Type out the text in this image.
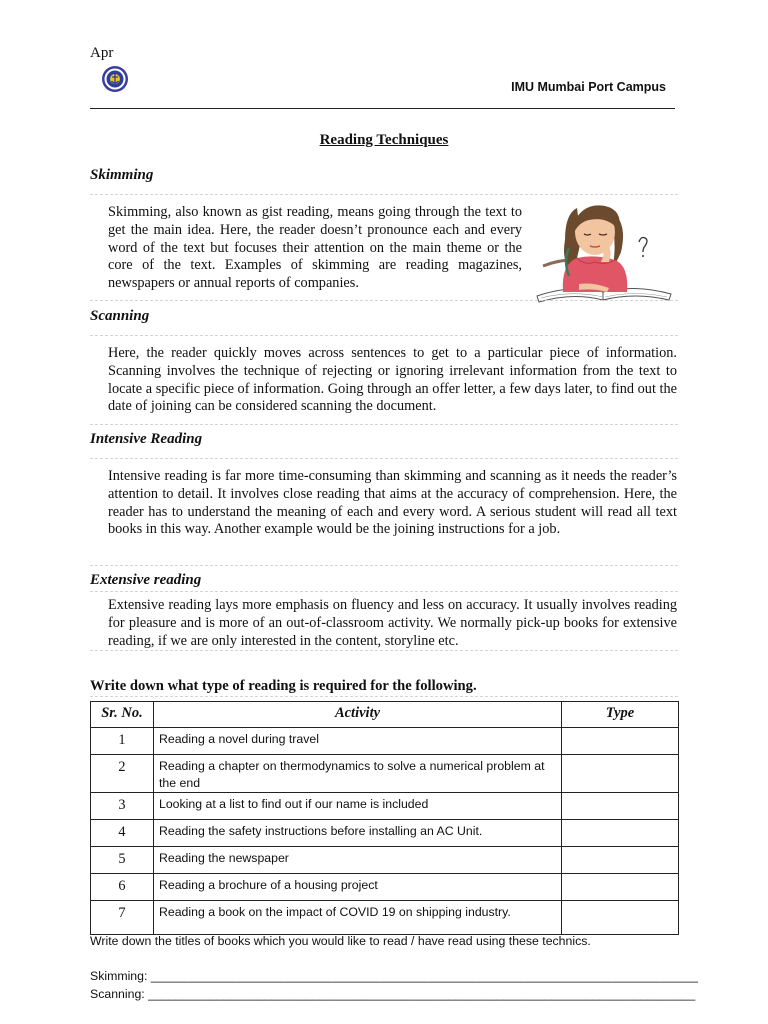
Apr
IMU Mumbai Port Campus
Reading Techniques
Skimming
Skimming, also known as gist reading, means going through the text to get the main idea. Here, the reader doesn’t pronounce each and every word of the text but focuses their attention on the main theme or the core of the text. Examples of skimming are reading magazines, newspapers or annual reports of companies.
Scanning
Here, the reader quickly moves across sentences to get to a particular piece of information. Scanning involves the technique of rejecting or ignoring irrelevant information from the text to locate a specific piece of information. Going through an offer letter, a few days later, to find out the date of joining can be considered scanning the document.
Intensive Reading
Intensive reading is far more time-consuming than skimming and scanning as it needs the reader’s attention to detail. It involves close reading that aims at the accuracy of comprehension. Here, the reader has to understand the meaning of each and every word. A serious student will read all text books in this way. Another example would be the joining instructions for a job.
Extensive reading
Extensive reading lays more emphasis on fluency and less on accuracy. It usually involves reading for pleasure and is more of an out-of-classroom activity. We normally pick-up books for extensive reading, if we are only interested in the content, storyline etc.
Write down what type of reading is required for the following.
Sr. No.	Activity	Type
1	Reading a novel during travel	
2	Reading a chapter on thermodynamics to solve a numerical problem at the end	
3	Looking at a list to find out if our name is included	
4	Reading the safety instructions before installing an AC Unit.	
5	Reading the newspaper	
6	Reading a brochure of a housing project	
7	Reading a book on the impact of COVID 19 on shipping industry.	
Write down the titles of books which you would like to read / have read using these technics.
Skimming: ________________________________________________________________________________
Scanning: ________________________________________________________________________________
